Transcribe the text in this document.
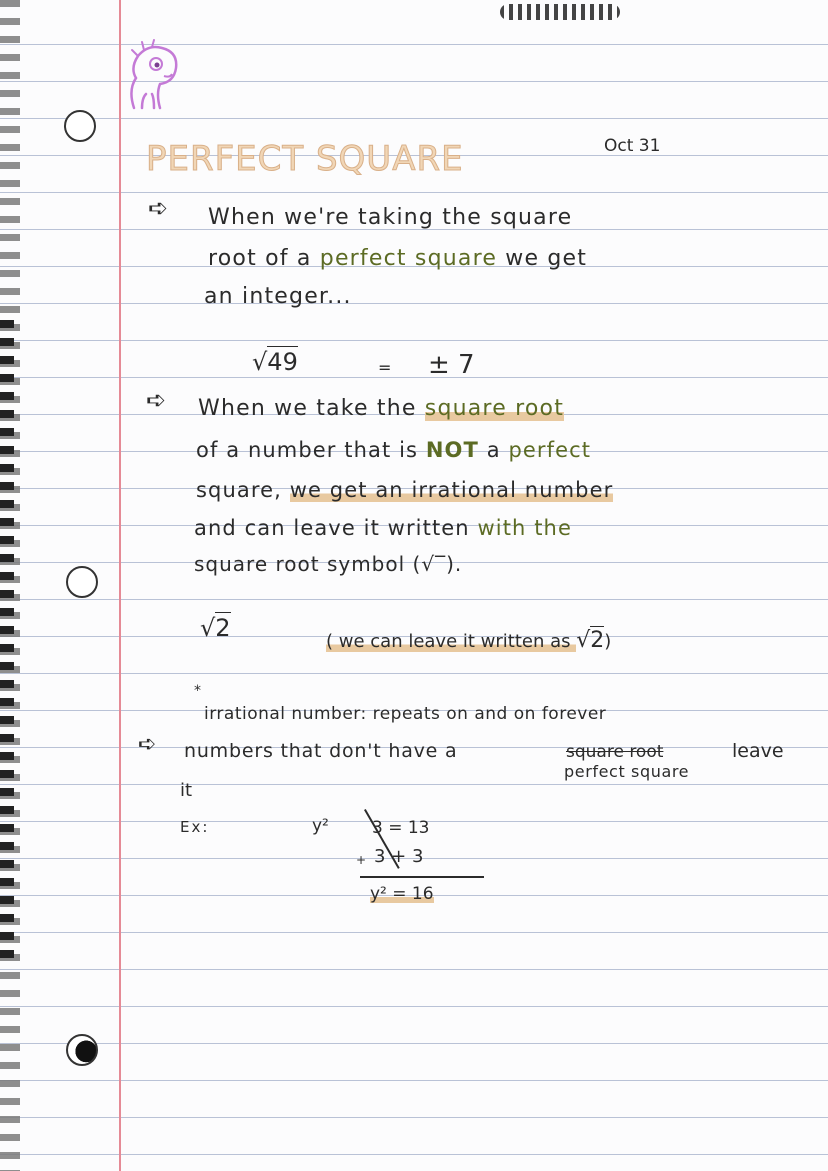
PERFECT SQUARE	Oct 31
➪ When we're taking the square
root of a perfect square we get
an integer...
√49	= ± 7
➪ When we take the square root
of a number that is NOT a perfect
square, we get an irrational number
and can leave it written with the
square root symbol (√‾).
√2	( we can leave it written as √2)
*
irrational number: repeats on and on forever
➪ numbers that don't have a	square root	leave
perfect square
it
Ex:	y²	3 = 13
+ 3 + 3
y² = 16
